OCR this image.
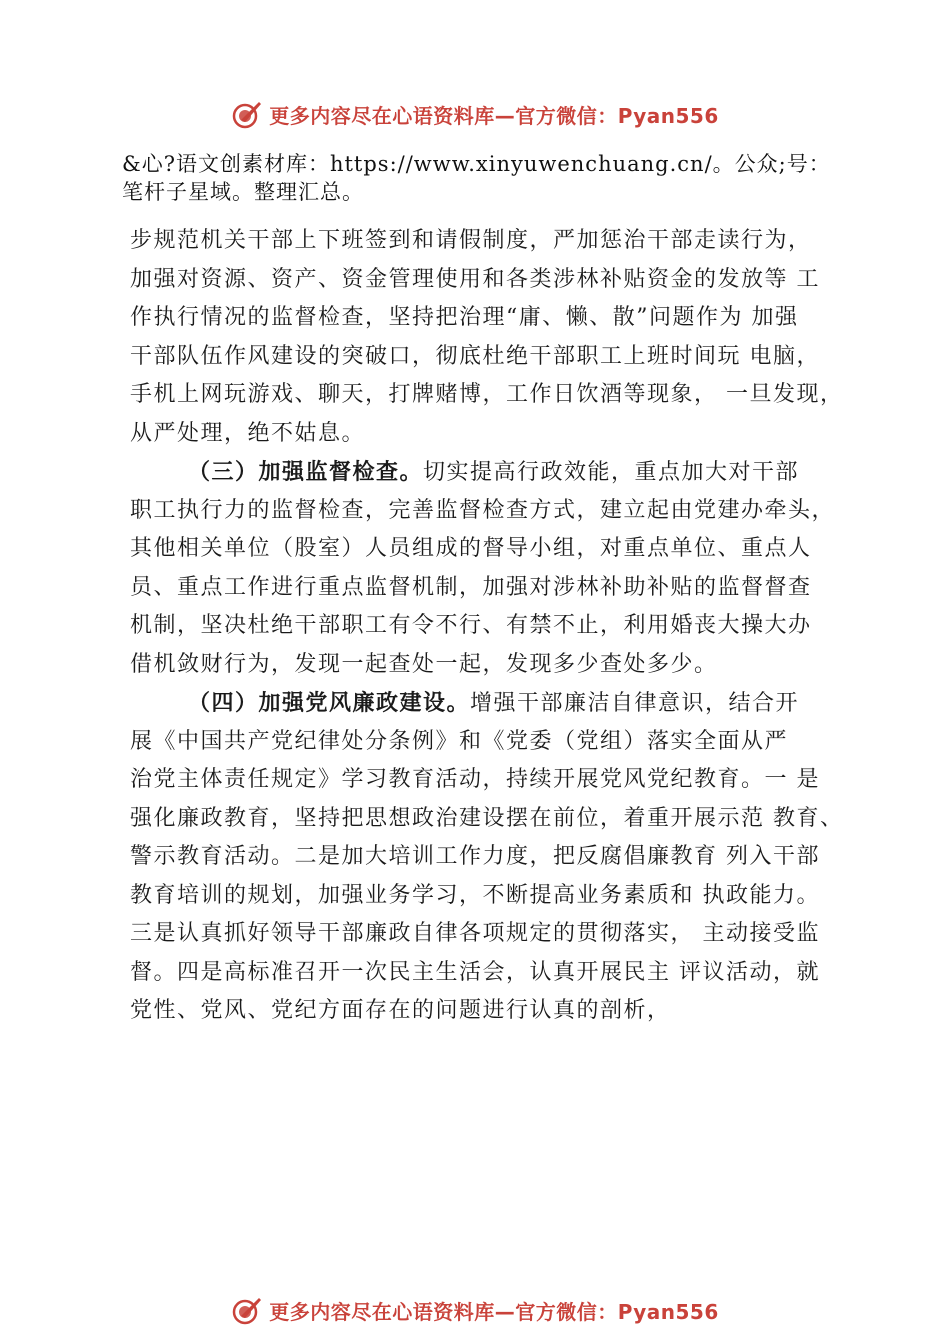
更多内容尽在心语资料库—官方微信：Pyan556
&心?语文创素材库：https://www.xinyuwenchuang.cn/。公众;号：
笔杆子星域。整理汇总。
步规范机关干部上下班签到和请假制度，严加惩治干部走读行为，
加强对资源、资产、资金管理使用和各类涉林补贴资金的发放等 工
作执行情况的监督检查，坚持把治理“庸、懒、散”问题作为 加强
干部队伍作风建设的突破口，彻底杜绝干部职工上班时间玩 电脑，
手机上网玩游戏、聊天，打牌赌博，工作日饮酒等现象， 一旦发现，
从严处理，绝不姑息。
（三）加强监督检查。切实提高行政效能，重点加大对干部
职工执行力的监督检查，完善监督检查方式，建立起由党建办牵头，
其他相关单位（股室）人员组成的督导小组，对重点单位、重点人
员、重点工作进行重点监督机制，加强对涉林补助补贴的监督督查
机制，坚决杜绝干部职工有令不行、有禁不止，利用婚丧大操大办
借机敛财行为，发现一起查处一起，发现多少查处多少。
（四）加强党风廉政建设。增强干部廉洁自律意识，结合开
展《中国共产党纪律处分条例》和《党委（党组）落实全面从严
治党主体责任规定》学习教育活动，持续开展党风党纪教育。一 是
强化廉政教育，坚持把思想政治建设摆在前位，着重开展示范 教育、
警示教育活动。二是加大培训工作力度，把反腐倡廉教育 列入干部
教育培训的规划，加强业务学习，不断提高业务素质和 执政能力。
三是认真抓好领导干部廉政自律各项规定的贯彻落实， 主动接受监
督。四是高标准召开一次民主生活会，认真开展民主 评议活动，就
党性、党风、党纪方面存在的问题进行认真的剖析，
更多内容尽在心语资料库—官方微信：Pyan556
